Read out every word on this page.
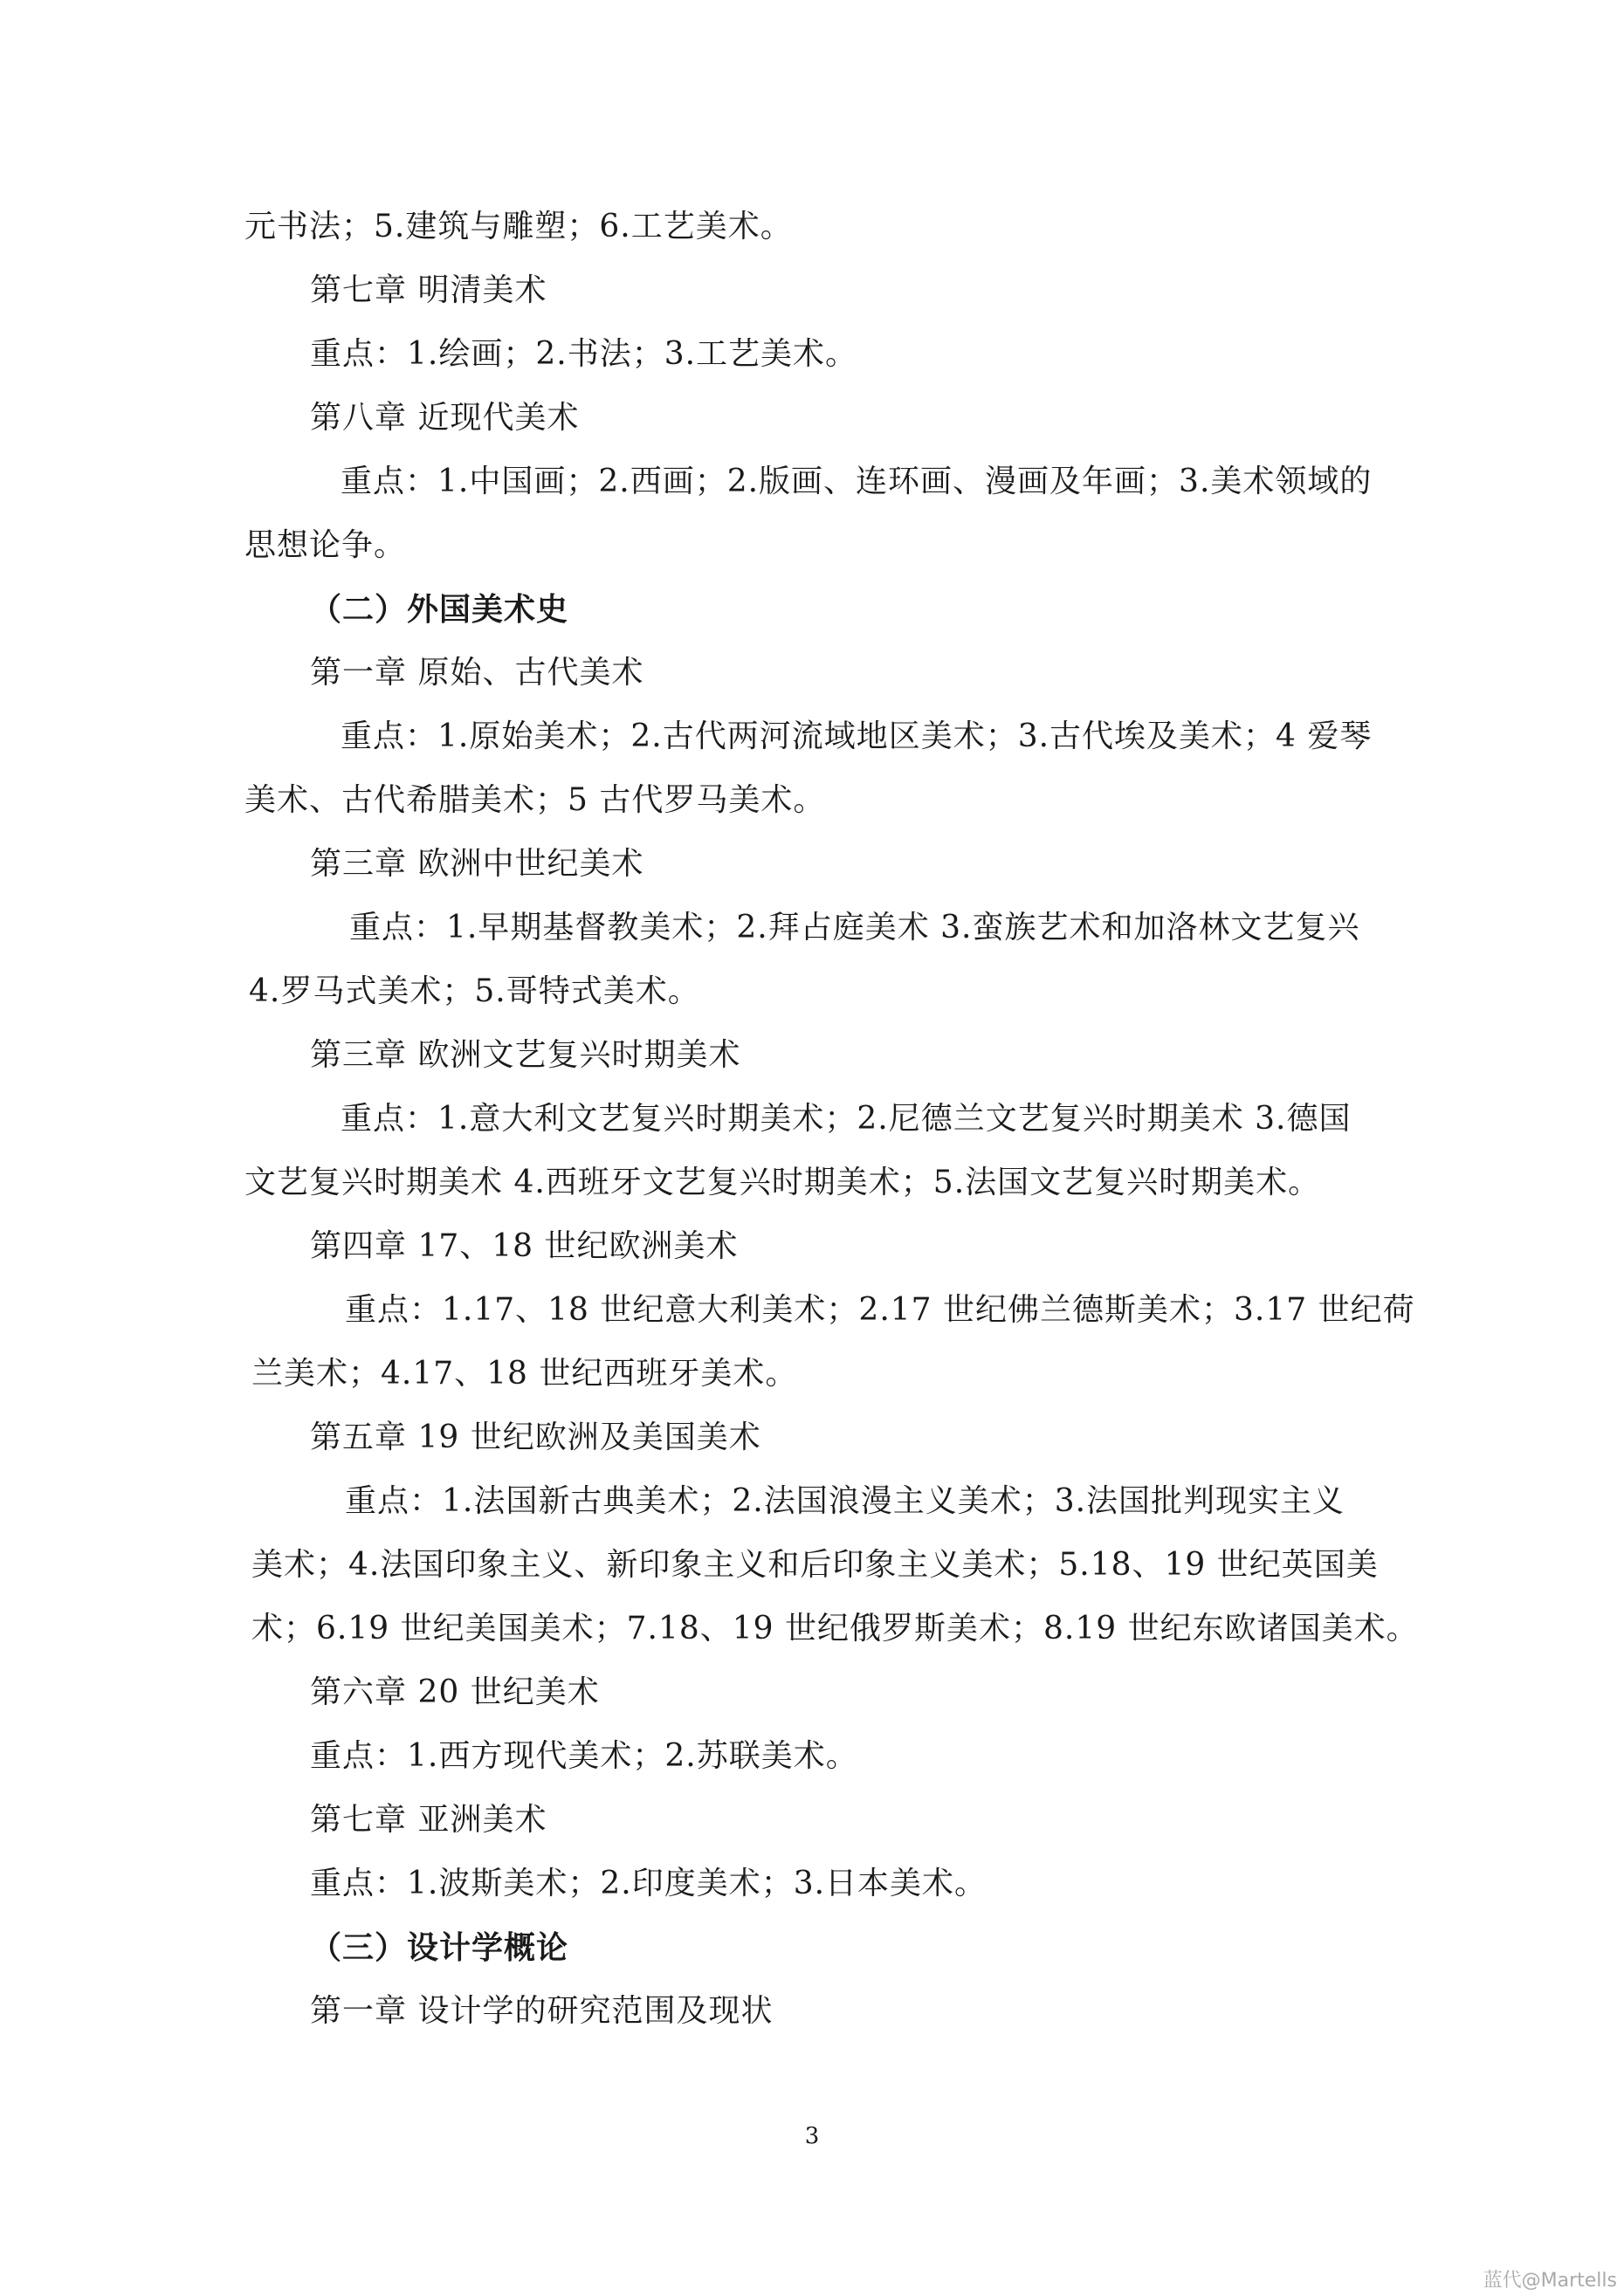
元书法；5.建筑与雕塑；6.工艺美术。
第七章 明清美术
重点：1.绘画；2.书法；3.工艺美术。
第八章 近现代美术
重点：1.中国画；2.西画；2.版画、连环画、漫画及年画；3.美术领域的
思想论争。
（二）外国美术史
第一章 原始、古代美术
重点：1.原始美术；2.古代两河流域地区美术；3.古代埃及美术；4 爱琴
美术、古代希腊美术；5 古代罗马美术。
第三章 欧洲中世纪美术
重点：1.早期基督教美术；2.拜占庭美术 3.蛮族艺术和加洛林文艺复兴
4.罗马式美术；5.哥特式美术。
第三章 欧洲文艺复兴时期美术
重点：1.意大利文艺复兴时期美术；2.尼德兰文艺复兴时期美术 3.德国
文艺复兴时期美术 4.西班牙文艺复兴时期美术；5.法国文艺复兴时期美术。
第四章 17、18 世纪欧洲美术
重点：1.17、18 世纪意大利美术；2.17 世纪佛兰德斯美术；3.17 世纪荷
兰美术；4.17、18 世纪西班牙美术。
第五章 19 世纪欧洲及美国美术
重点：1.法国新古典美术；2.法国浪漫主义美术；3.法国批判现实主义
美术；4.法国印象主义、新印象主义和后印象主义美术；5.18、19 世纪英国美
术；6.19 世纪美国美术；7.18、19 世纪俄罗斯美术；8.19 世纪东欧诸国美术。
第六章 20 世纪美术
重点：1.西方现代美术；2.苏联美术。
第七章 亚洲美术
重点：1.波斯美术；2.印度美术；3.日本美术。
（三）设计学概论
第一章 设计学的研究范围及现状
3
蓝代@Martells
